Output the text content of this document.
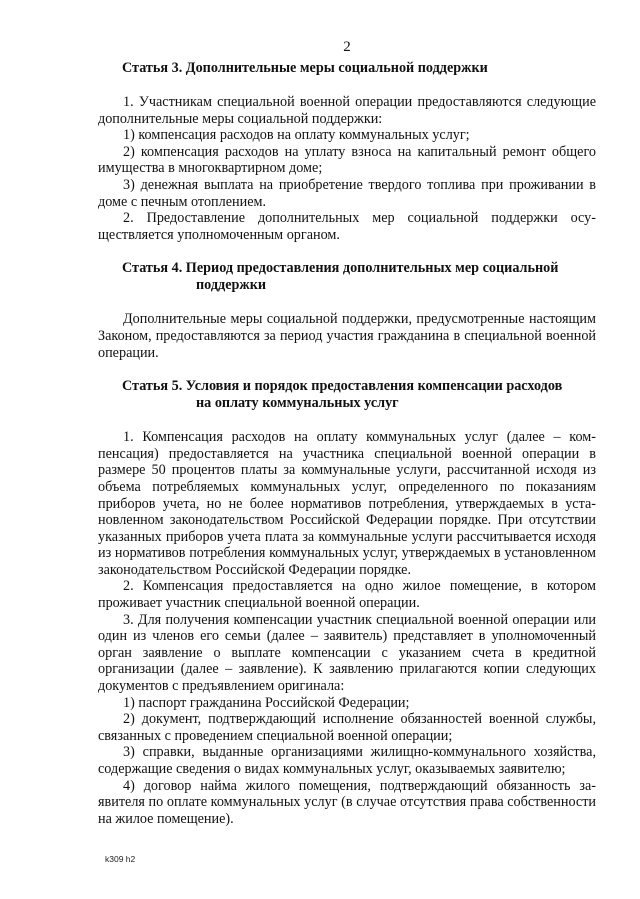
2
Статья 3. Дополнительные меры социальной поддержки

1. Участникам специальной военной операции предоставляются следующие дополнительные меры социальной поддержки:

1) компенсация расходов на оплату коммунальных услуг;

2) компенсация расходов на уплату взноса на капитальный ремонт общего имущества в многоквартирном доме;

3) денежная выплата на приобретение твердого топлива при проживании в доме с печным отоплением.

2. Предоставление дополнительных мер социальной поддержки осуществляется уполномоченным органом.

Статья 4. Период предоставления дополнительных мер социальной
поддержки

Дополнительные меры социальной поддержки, предусмотренные настоящим Законом, предоставляются за период участия гражданина в специальной военной операции.

Статья 5. Условия и порядок предоставления компенсации расходов
на оплату коммунальных услуг

1. Компенсация расходов на оплату коммунальных услуг (далее – компенсация) предоставляется на участника специальной военной операции в размере 50 процентов платы за коммунальные услуги, рассчитанной исходя из объема потребляемых коммунальных услуг, определенного по показаниям приборов учета, но не более нормативов потребления, утверждаемых в установленном законодательством Российской Федерации порядке. При отсутствии указанных приборов учета плата за коммунальные услуги рассчитывается исходя из нормативов потребления коммунальных услуг, утверждаемых в установленном законодательством Российской Федерации порядке.

2. Компенсация предоставляется на одно жилое помещение, в котором проживает участник специальной военной операции.

3. Для получения компенсации участник специальной военной операции или один из членов его семьи (далее – заявитель) представляет в уполномоченный орган заявление о выплате компенсации с указанием счета в кредитной организации (далее – заявление). К заявлению прилагаются копии следующих документов с предъявлением оригинала:

1) паспорт гражданина Российской Федерации;

2) документ, подтверждающий исполнение обязанностей военной службы, связанных с проведением специальной военной операции;

3) справки, выданные организациями жилищно-коммунального хозяйства, содержащие сведения о видах коммунальных услуг, оказываемых заявителю;

4) договор найма жилого помещения, подтверждающий обязанность заявителя по оплате коммунальных услуг (в случае отсутствия права собственности на жилое помещение).

k309 h2
